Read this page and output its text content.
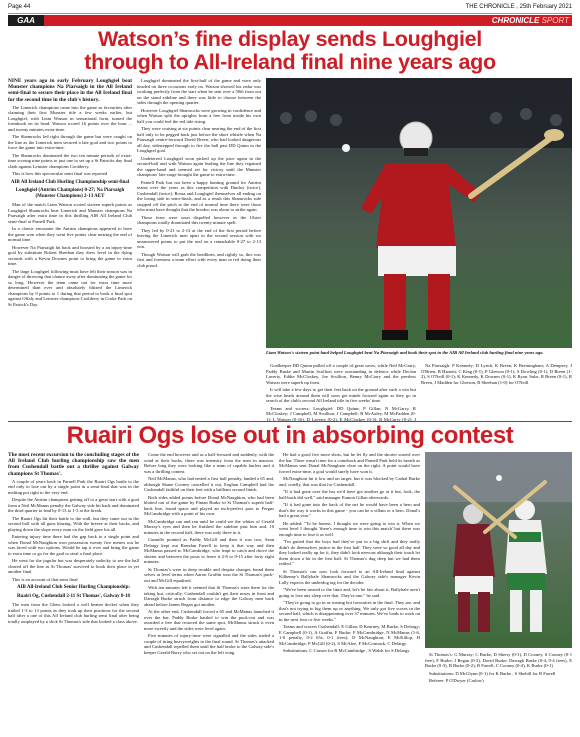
Page 44	THE CHRONICLE , 25th February 2021
GAA	CHRONICLE SPORT
Watson’s fine display sends Loughgiel
through to All-Ireland final nine years ago

NINE years ago in early February Loughgiel beat Munster champions Na Piarsaigh in the All Ireland semi-final to secure their place in the All Ireland final for the second time in the club's history.

The Limerick champions came into the game as favourites after claiming their first Munster title a few weeks earlier, but Loughgiel, with Liam Watson in sensational form, turned the formbook on its head. Watson scored 16 points over the hour ... and twenty minutes extra-time.

The Shamrocks led right through the game but were caught on the line as the Limerick men secured a late goal and two points to force the game into extra-time.

The Shamrocks dominated the two ten minute periods of extra-time scoring nine points to just one to set up a St Patricks day final clash against Leinster champions Coolderry.

This is how this spectacular semi final was reported

AIB All Ireland Club Hurling Championship semi-final

Loughgiel (Antrim Champions) 0-27; Na Piarsaigh (Munster Champions) 2-13 AET

Man of the match Liam Watson scored sixteen superb points as Loughgiel Shamrocks beat Limerick and Munster champions Na Piarsaigh after extra time in this thrilling AIB All Ireland Club semi-final at Parnell Park.

In a classic encounter the Antrim champions appeared to have the game won when they went five points clear nearing the end of normal time.

However Na Piarsaigh hit back and boosted by a an injury-time goal by substitute Robert Sheehan they drew level in the dying seconds with a Kevin Downes point to bring the game to extra time.

The large Loughgiel following must have felt their season was in danger of throwing that chance away after dominating the game for so long. However the team came out for extra time more determined than ever and absolutely blitzed the Limerick champions by 9 points to 1 during that period to book a final spot against Offaly and Leinster champions Coolderry in Croke Park on St Patrick's Day.

Loughgiel dominated the first-half of the game and were only headed on three occasions early on. Watson showed his radar was working perfectly from the start when he sent over a 50th from out on the stand sideline and there was little to choose between the sides through the opening quarter.

However Loughgiel Shamrocks were growing in confidence and when Watson split the uprights from a free from inside his own half you could feel the red tide rising.

They were cruising at six points clear nearing the end of the first half only to be pegged back just before the short whistle when Na Piarsaigh centre-forward David Breen, who had looked dangerous all day, sidestepped through to fire the ball past DD Quinn in the Loughgiel goal.

Undeterred Loughgiel soon picked up the pace again in the second-half and with Watson again leading the line they regained the upper-hand and seemed set for victory until the Munster champions' late surge brought the game to extra-time.

Parnell Park has not been a happy hunting ground for Antrim teams over the years as this competition with Dunloy (twice), Cushendall (twice), Rossa and Loughgiel themselves all ending on the losing side in semi-finals, and as a result this Shamrocks side stopped off the pitch at the end of normal time there were those who must have thought that the hoodoo was about to strike again.

Those fears were soon dispelled however as the Ulster champions totally dominated this twenty minute spell.

They led by 0-21 to 2-13 at the end of the first period before leaving the Limerick men apart in the second session with six unanswered points to put the seal on a remarkable 0-27 to 2-13 win.

Though Watson will grab the headlines, and rightly so, this was first and foremost a team effort with every man in red doing their club proud.

Liam Watson's sixteen point haul helped Loughgiel beat Na Piarsaigh and book their spot in the AIB All Ireland club hurling final nine years ago.

Goalkeeper DD Quinn pulled off a couple of great saves, while Neil McGarry, Paddy Burke and Martin Scullion were outstanding in defence while Declan Laverty, Eddie McCloskey, Joe Scullion, Benny McCarry and the peerless Watson were superb up front.

It will take a few days to get their feet back on the ground after such a win but the wise heads around them will soon get minds focused again as they go in search of the club's second All Ireland title in five weeks' time.

Teams and scorers: Loughgiel: DD Quinn; P Gillan, N McGarry, R McCloskey; J Campbell, M Scullion, J Campbell; B McAuley, M McFadden (0-1); L Watson (0-16), D Laverty (0-2), E McCloskey (0-3); B McCarry (0-2), J

Na Piarsaigh: P Kennedy; D Lynch, K Breen, K Bermingham; A Dempsey, J O'Brien, B Harnett; C King (0-1), P Gleeson (0-1); S Dowling (0-1), D Breen (1-2), S O'Neill (0-1); K Kennedy, K Downes (0-1), K Ryan. Subs: R Breen (0-1), R Breen, J Madden for Gleeson, R Sheehan (1-0) for O'Neill

Ruairi Ogs lose out in absorbing contest

The most recent excursion to the concluding stages of the All Ireland Club hurling championship saw the men from Cushendall battle out a thriller against Galway champions St Thomas'.

A couple of years back in Parnell Park the Ruairi Ogs battle to the end only to lose out by a single point in a semi-final that was in the melting pot right to the very end.

Despite the Antrim champions getting off to a great start with a goal from a Neil McManus penalty the Galway side hit back and dominated the third quarter to lead by 0-13 to 1-3 at the break.

The Ruairi Ogs hit their battle to the wall, but they came out in the second half with all guns blazing. With the breeze at their backs, and playing down the slope every man on the field gave his all.

Entering injury time there had the gap back to a single point and when Donal McNaughton won possession twenty five metres out he was faced with two options. Would he tap it over and bring the game to extra time or go for the goal to steal a final place.

He went for the jugular but was desperately unlucky to see the ball cleared off the line as St Thomas' survived to book their place in yet another final.

This is an account of that semi final

AIB All-Ireland Club Senior Hurling Championship:

Ruairi Og, Cushendall 2-11 St Thomas', Galway 0-18

The men from the Glens looked a well beaten docket when they trailed 1-3 to 13 points as they took up their positions for the second half after a one of this All Ireland club hurling semi final after being totally outplayed by a slick St Thomas's side that looked a class above.

Come the end however and as a half-forward and suddenly, with the wind at their backs, there was intensity from the men in maroon. Before long they were looking like a team of capable hurlers and it was a thrilling contest.

Neil McManus, who had netted a first half penalty, landed a 65 and, although Shane Cooney cancelled it out, Eoghan Campbell had the Cushendall faithful on their feet with a brilliant second finish.

Both sides added points before Donal McNaughton, who had been blotted out of the game by Fintan Burke in St Thomas's superb half-back line, found space and played an inch-perfect pass to Fergus McCambridge with a point of his own.

McCambridge ran and ran until he could see the whites of Gerald Murray's eyes and then he finished the sideline past him and, 10 minutes in the second half, there was only three in it.

Cunniffe pointed as Paddy McGill and then it was two, Sean Delargy kept out Brendan Farrell to keep it that way and then McManus passed to McCambridge, who leapt to catch and drove the shorter and between the posts to leave it 2-8 to 0-15 after forty eight minutes.

St Thomas's were in deep trouble and despite changes found them selves at level terms when Aaron Graffin won the St Thomas's puck-out and McGill equalised.

With ten minutes left it seemed that St Thomas's were there for the taking but, critically, Cushendall couldn't get their noses in front and Darragh Burke struck from distance to edge the Galway men back ahead before James Regan got another.

At the other end, Cushendall forced a 65 and McManus launched it over the bar. Paddy Burke battled to win the puck-out and was awarded a free that restored the same spot, McManus struck it even more sweetly and the sides were level again.

Five minutes of injury-time were signalled and the sides traded a couple of tiring heavyweights in the final round. St Thomas's attacked and Cushendall repelled them until the half broke to the Galway side's keeper Gerald Burry who set out on the left wing.

He had a good five more shots, but he let fly and the shorter soared over the bar. There wasn't time for a comeback and Parnell Park held its breath as McManus sent Donal McNaughton clear on the right. A point would have forced extra-time, a goal would surely have won it.

McNaughton hit it low and on target, but it was blocked by Cathal Burke and, cruelly, that was that for Cushendall.

"If it had gone over the bar we'd have got another go at it but, look, the ball-back did well," said manager Eamon Gillan afterwards.

"If it had gone into the back of the net he would have been a hero and that's the way it works in this game - you can be a villain or a hero. Donal's had a great year."

He added: "To be honest, I thought we were going to win it. When we went level I thought 'there's enough time to win this match' but there was enough time to lose it as well.

"I'm gutted that the boys had they've put in a big shift and they really didn't do themselves justice in the first half. They were so good all day and they looked really up for it, they didn't look nervous although their touch let them down a bit in the first half. St Thomas's dug deep but we had them rattled."

St Thomas's can now look forward to an All-Ireland final against Kilkenny's Ballyhale Shamrocks and the Galway side's manager Kevin Lally expects the underdog tag for the decider.

"We've been treated to the limit and, let's be fair about it, Ballyhale aren't going to lose any sleep over that. They're one," he said.

"They're going to go in as roaring hot favourites in the final. They are, and that's not trying to big them up or anything. We only got five scores in the second half, which is disappointing over 37 minutes. We've loads to work on in the next four or five weeks."

Teams and scorers Cushendall: E Gillan; D Kearney, M Burke, S Delargy; E Campbell (0-1), A Graffin, F Burke; F McCambridge, N McManus (1-6, 1-0 penalty, 0-2 65s, 0-1 frees); D McNaughton, E McKillop, H McCambridge; P McGill (0-2), S McAfee, F McCormack, C Delargy.

Substitutions: C Carson for R McCambridge , S Walsh for S Delargy

St Thomas's: G Murray; C Burke, D Sherry (0-1), D Cooney, S Cooney (0-1 free), F Burke; J Regan (0-2), David Burke; Darragh Burke (0-4, 0-4 frees), E Burke (0-3), B Burke (0-2); B Farrell, C Cooney (0-4), K Burke (0-1)

Substitutions: D McGlynn (0-1) for K Burke , S Skehill for B Farrell

Referee: P O'Dwyer (Carlow)
